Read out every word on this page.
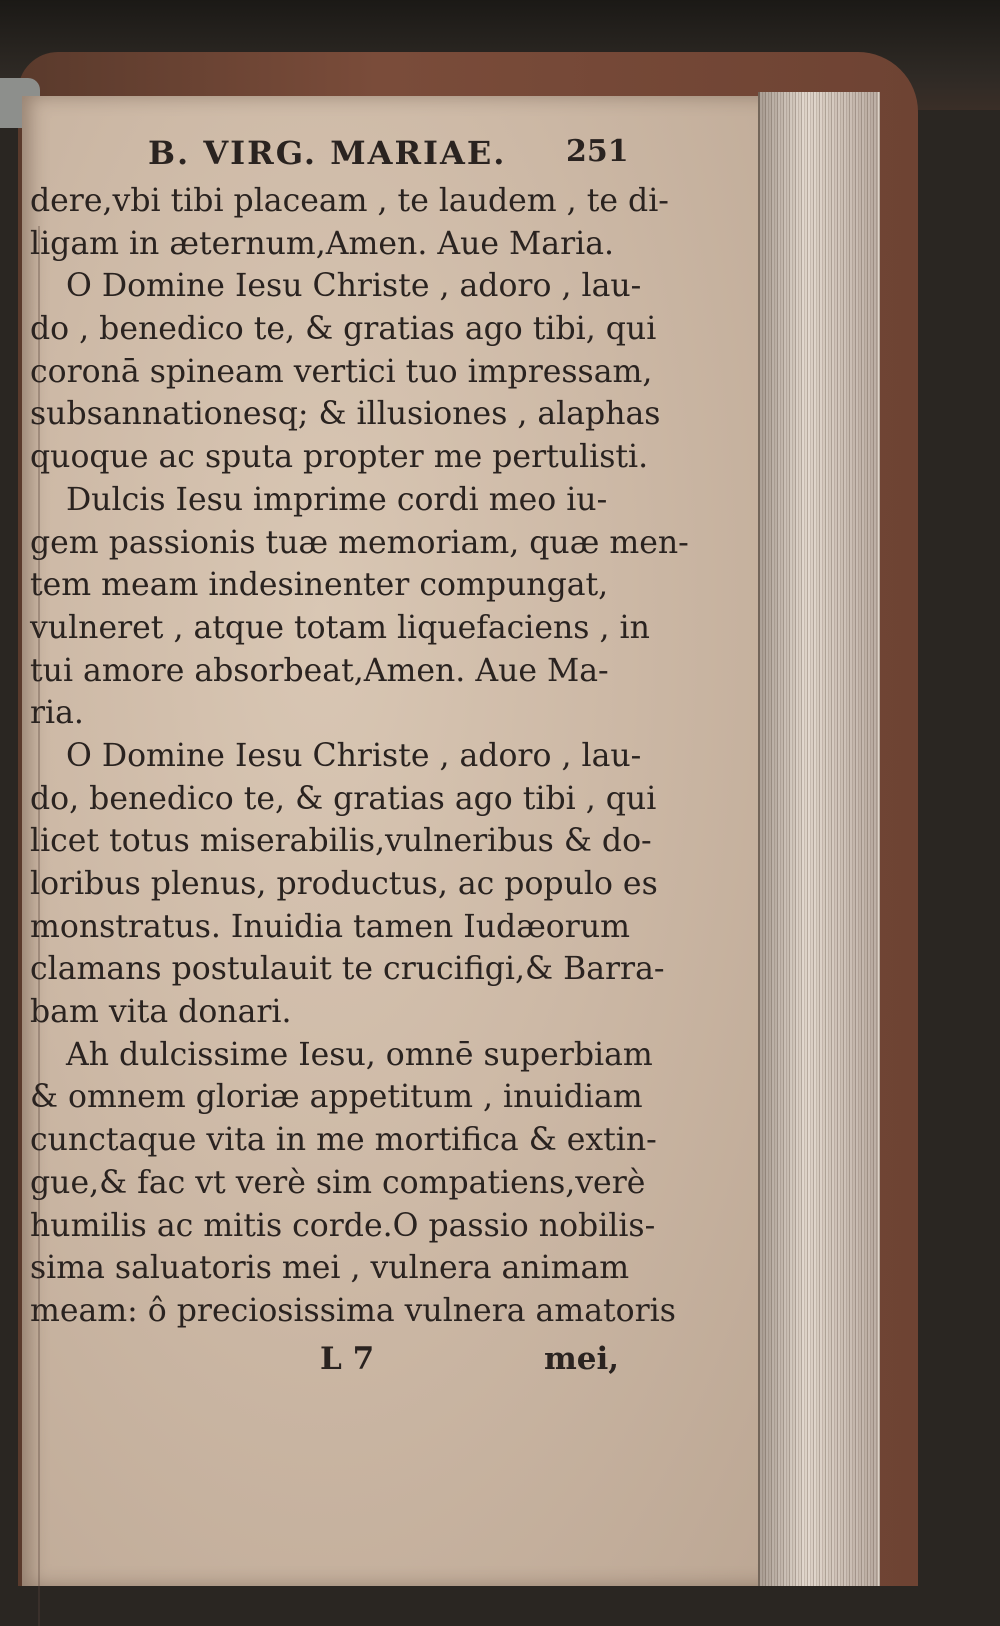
B. VIRG. MARIAE. 251
dere,vbi tibi placeam , te laudem , te di-
ligam in æternum,Amen. Aue Maria.
O Domine Iesu Christe , adoro , lau-
do , benedico te, & gratias ago tibi, qui
coronā spineam vertici tuo impressam,
subsannationesq; & illusiones , alaphas
quoque ac sputa propter me pertulisti.
Dulcis Iesu imprime cordi meo iu-
gem passionis tuæ memoriam, quæ men-
tem meam indesinenter compungat,
vulneret , atque totam liquefaciens , in
tui amore absorbeat,Amen. Aue Ma-
ria.
O Domine Iesu Christe , adoro , lau-
do, benedico te, & gratias ago tibi , qui
licet totus miserabilis,vulneribus & do-
loribus plenus, productus, ac populo es
monstratus. Inuidia tamen Iudæorum
clamans postulauit te crucifigi,& Barra-
bam vita donari.
Ah dulcissime Iesu, omnē superbiam
& omnem gloriæ appetitum , inuidiam
cunctaque vita in me mortifica & extin-
gue,& fac vt verè sim compatiens,verè
humilis ac mitis corde.O passio nobilis-
sima saluatoris mei , vulnera animam
meam: ô preciosissima vulnera amatoris
L 7	mei,
